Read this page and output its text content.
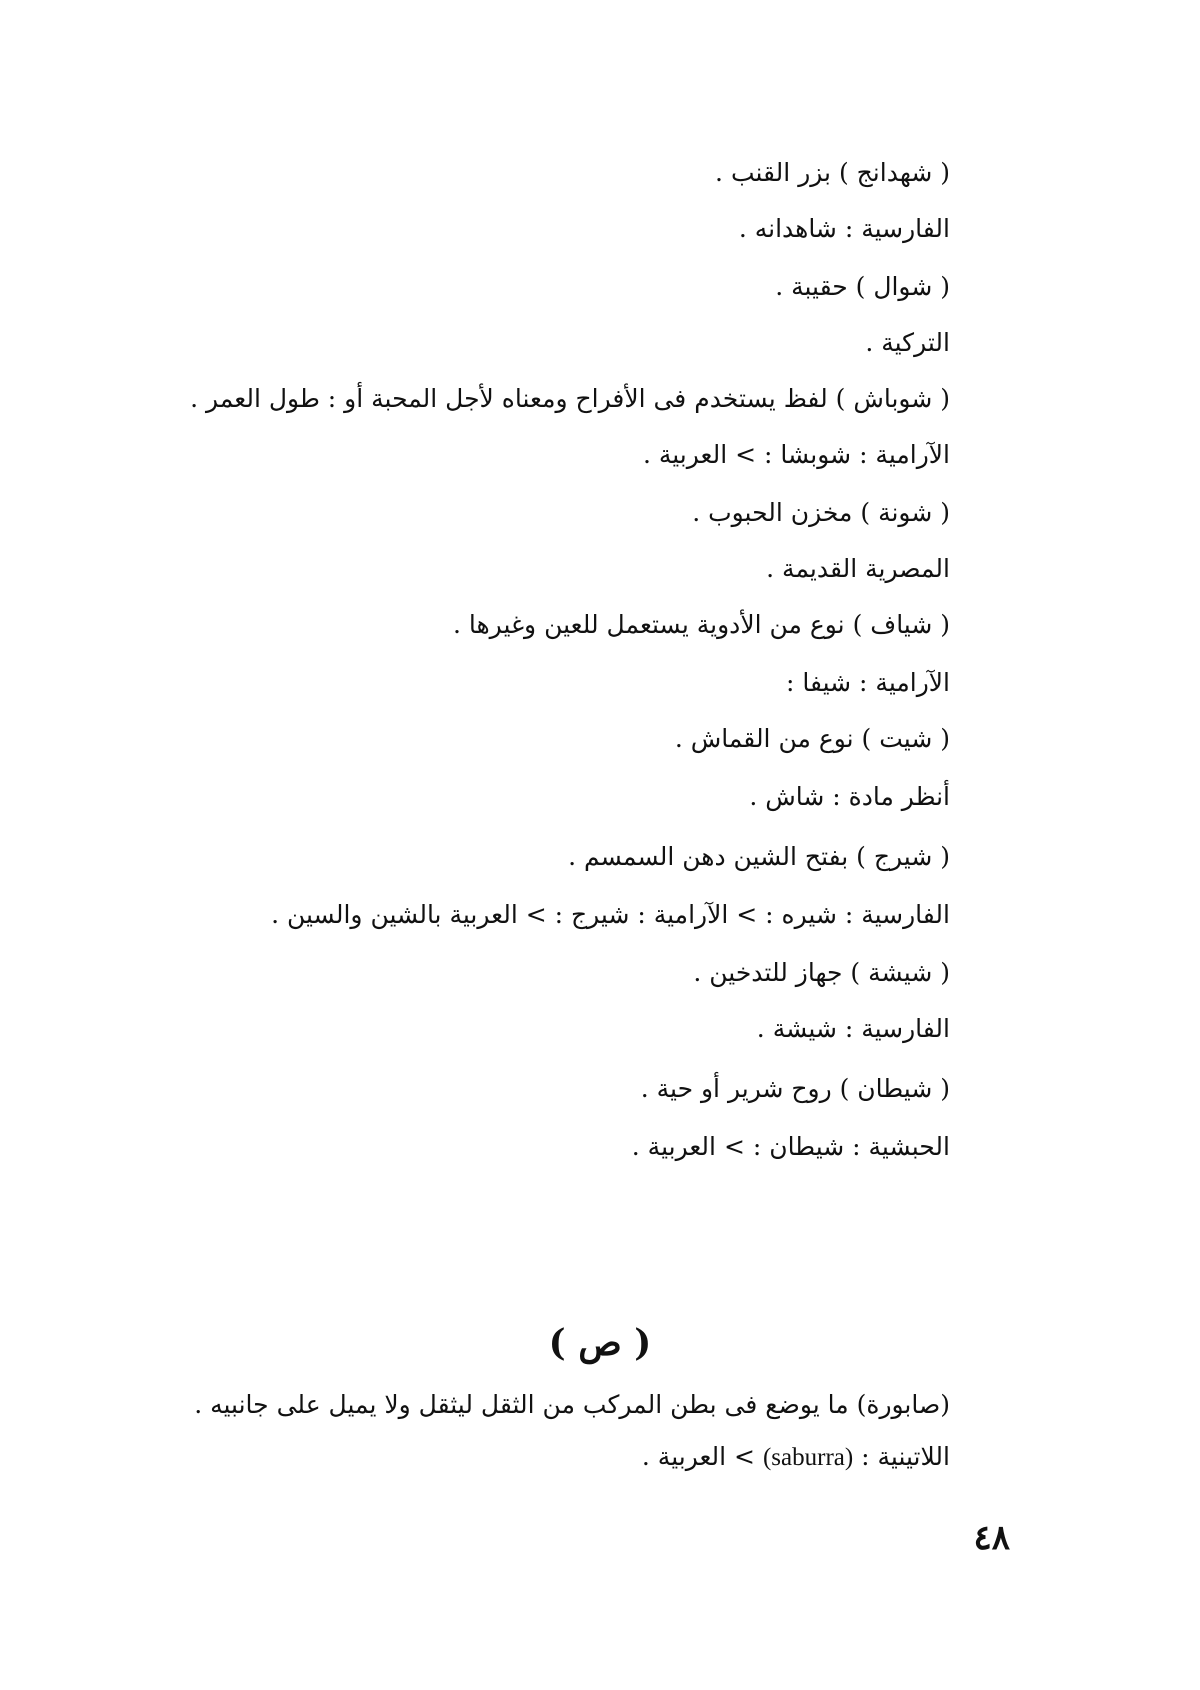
( شهدانج ) بزر القنب .
الفارسية : شاهدانه .
( شوال ) حقيبة .
التركية .
( شوباش ) لفظ يستخدم فى الأفراح ومعناه لأجل المحبة أو : طول العمر .
الآرامية : شوبشا : > العربية .
( شونة ) مخزن الحبوب .
المصرية القديمة .
( شياف ) نوع من الأدوية يستعمل للعين وغيرها .
الآرامية : شيفا :
( شيت ) نوع من القماش .
أنظر مادة : شاش .
( شيرج ) بفتح الشين دهن السمسم .
الفارسية : شيره : > الآرامية : شيرج : > العربية بالشين والسين .
( شيشة ) جهاز للتدخين .
الفارسية : شيشة .
( شيطان ) روح شرير أو حية .
الحبشية : شيطان : > العربية .
( ص )
(صابورة) ما يوضع فى بطن المركب من الثقل ليثقل ولا يميل على جانبيه .
اللاتينية : (saburra) > العربية .
٤٨
